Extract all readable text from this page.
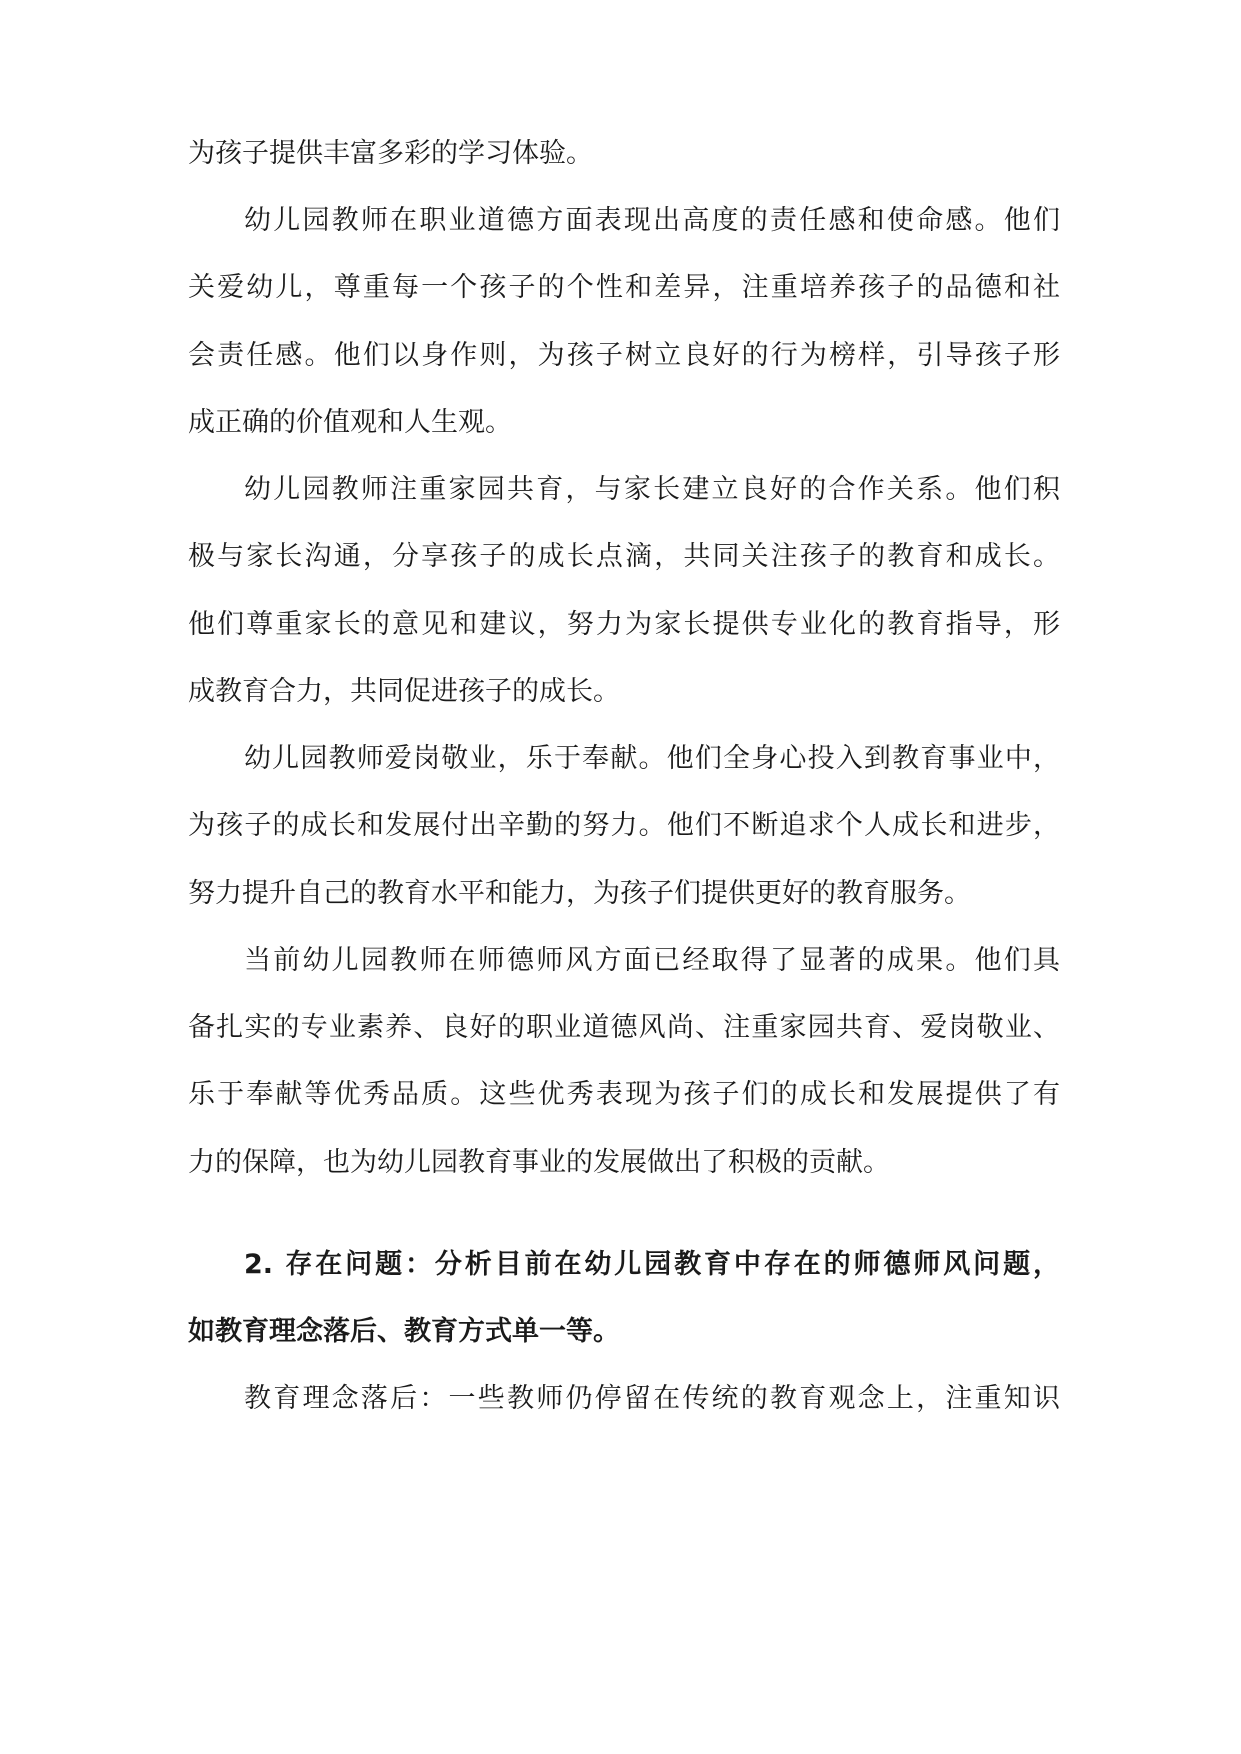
为孩子提供丰富多彩的学习体验。
幼儿园教师在职业道德方面表现出高度的责任感和使命感。他们
关爱幼儿，尊重每一个孩子的个性和差异，注重培养孩子的品德和社
会责任感。他们以身作则，为孩子树立良好的行为榜样，引导孩子形
成正确的价值观和人生观。
幼儿园教师注重家园共育，与家长建立良好的合作关系。他们积
极与家长沟通，分享孩子的成长点滴，共同关注孩子的教育和成长。
他们尊重家长的意见和建议，努力为家长提供专业化的教育指导，形
成教育合力，共同促进孩子的成长。
幼儿园教师爱岗敬业，乐于奉献。他们全身心投入到教育事业中，
为孩子的成长和发展付出辛勤的努力。他们不断追求个人成长和进步，
努力提升自己的教育水平和能力，为孩子们提供更好的教育服务。
当前幼儿园教师在师德师风方面已经取得了显著的成果。他们具
备扎实的专业素养、良好的职业道德风尚、注重家园共育、爱岗敬业、
乐于奉献等优秀品质。这些优秀表现为孩子们的成长和发展提供了有
力的保障，也为幼儿园教育事业的发展做出了积极的贡献。
2. 存在问题：分析目前在幼儿园教育中存在的师德师风问题，
如教育理念落后、教育方式单一等。
教育理念落后：一些教师仍停留在传统的教育观念上，注重知识
